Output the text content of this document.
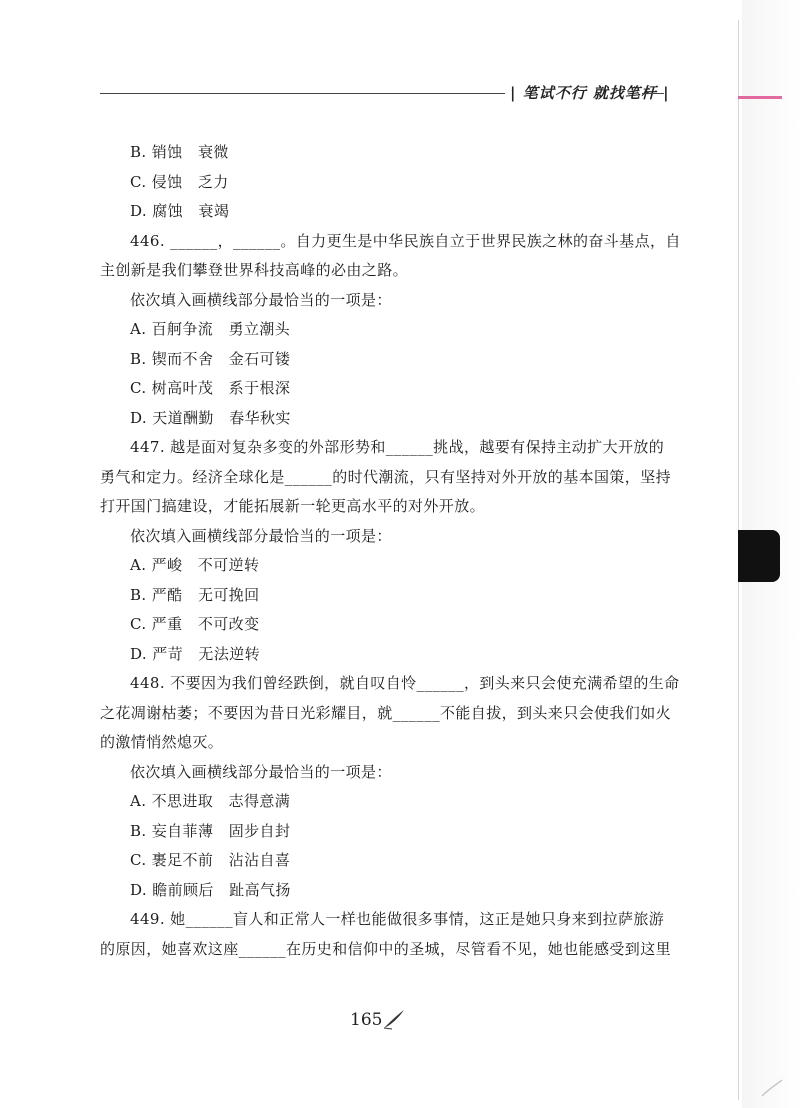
| 笔试不行 就找笔杆 |
B. 销蚀　衰微
C. 侵蚀　乏力
D. 腐蚀　衰竭
446. ______，______。自力更生是中华民族自立于世界民族之林的奋斗基点，自
主创新是我们攀登世界科技高峰的必由之路。
依次填入画横线部分最恰当的一项是：
A. 百舸争流　勇立潮头
B. 锲而不舍　金石可镂
C. 树高叶茂　系于根深
D. 天道酬勤　春华秋实
447. 越是面对复杂多变的外部形势和______挑战，越要有保持主动扩大开放的
勇气和定力。经济全球化是______的时代潮流，只有坚持对外开放的基本国策，坚持
打开国门搞建设，才能拓展新一轮更高水平的对外开放。
依次填入画横线部分最恰当的一项是：
A. 严峻　不可逆转
B. 严酷　无可挽回
C. 严重　不可改变
D. 严苛　无法逆转
448. 不要因为我们曾经跌倒，就自叹自怜______，到头来只会使充满希望的生命
之花凋谢枯萎；不要因为昔日光彩耀目，就______不能自拔，到头来只会使我们如火
的激情悄然熄灭。
依次填入画横线部分最恰当的一项是：
A. 不思进取　志得意满
B. 妄自菲薄　固步自封
C. 裹足不前　沾沾自喜
D. 瞻前顾后　趾高气扬
449. 她______盲人和正常人一样也能做很多事情，这正是她只身来到拉萨旅游
的原因，她喜欢这座______在历史和信仰中的圣城，尽管看不见，她也能感受到这里
165
